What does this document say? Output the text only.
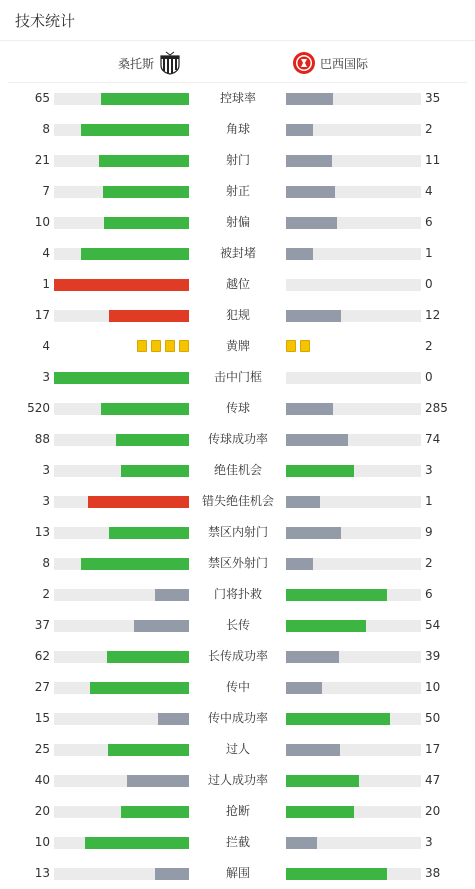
技术统计
桑托斯	巴西国际
65	控球率	35
8	角球	2
21	射门	11
7	射正	4
10	射偏	6
4	被封堵	1
1	越位	0
17	犯规	12
4	黄牌	2
3	击中门框	0
520	传球	285
88	传球成功率	74
3	绝佳机会	3
3	错失绝佳机会	1
13	禁区内射门	9
8	禁区外射门	2
2	门将扑救	6
37	长传	54
62	长传成功率	39
27	传中	10
15	传中成功率	50
25	过人	17
40	过人成功率	47
20	抢断	20
10	拦截	3
13	解围	38
